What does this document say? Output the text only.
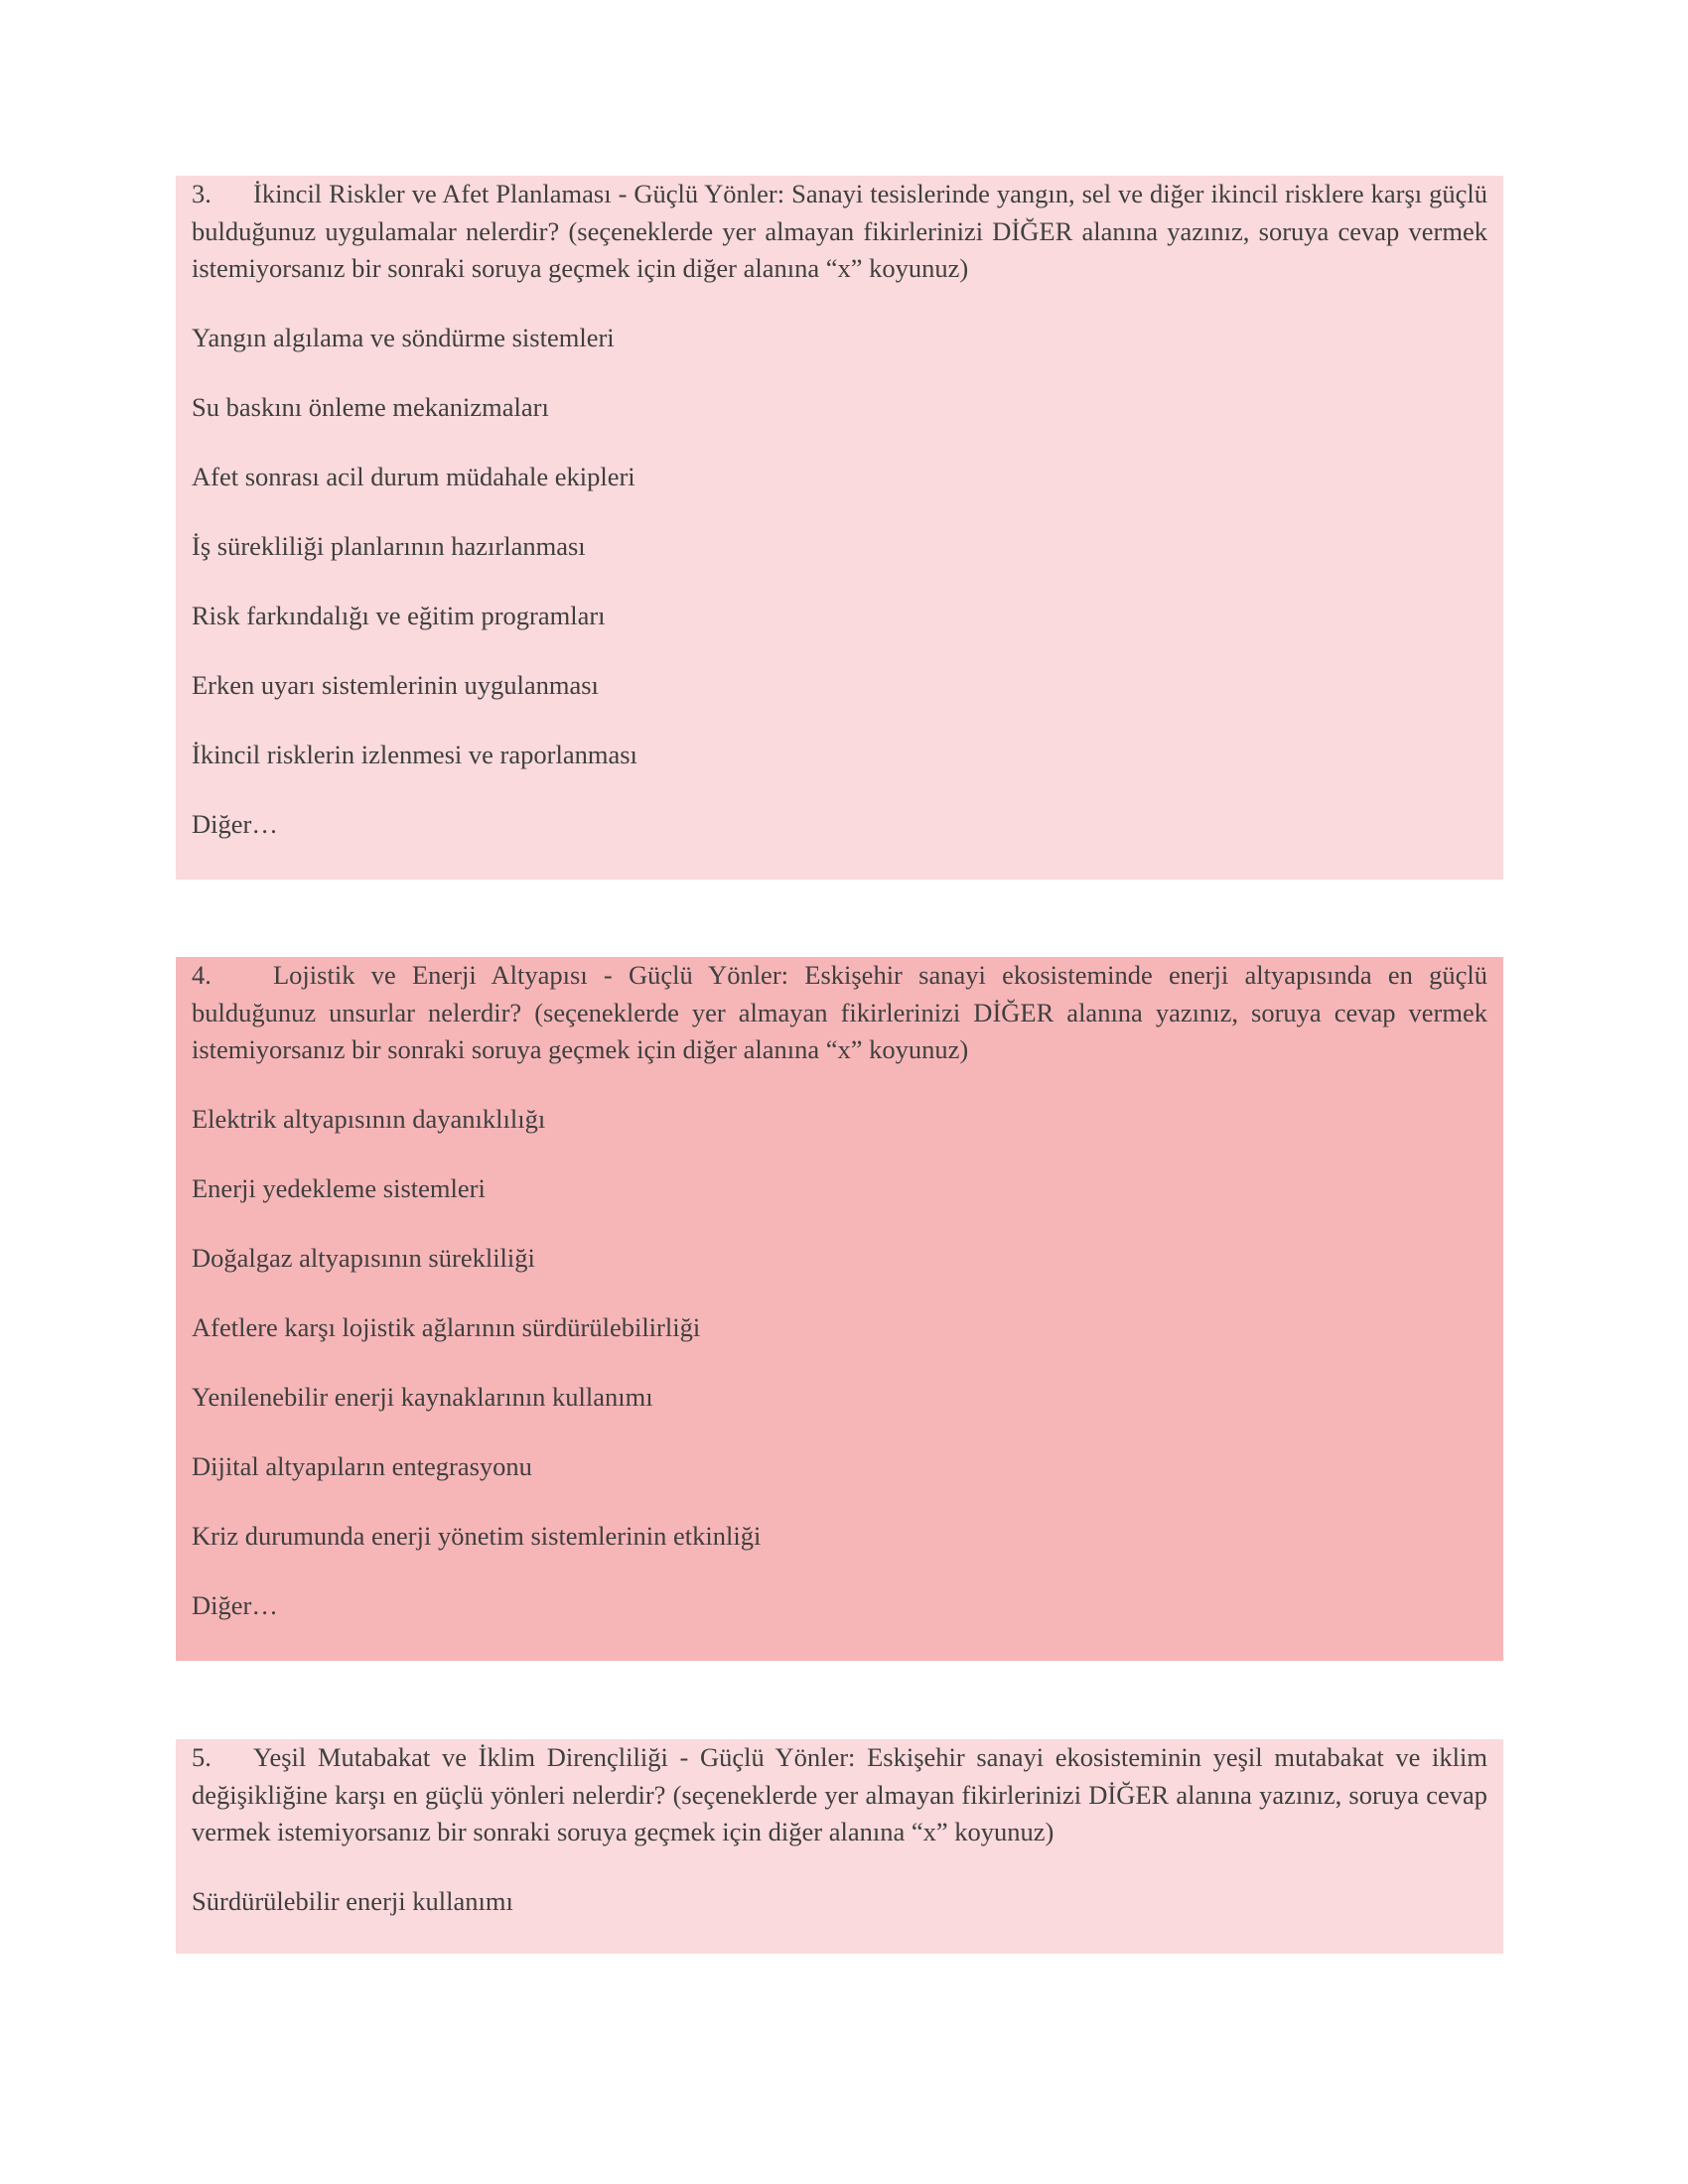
3. İkincil Riskler ve Afet Planlaması - Güçlü Yönler: Sanayi tesislerinde yangın, sel ve diğer ikincil risklere karşı güçlü bulduğunuz uygulamalar nelerdir? (seçeneklerde yer almayan fikirlerinizi DİĞER alanına yazınız, soruya cevap vermek istemiyorsanız bir sonraki soruya geçmek için diğer alanına “x” koyunuz)

Yangın algılama ve söndürme sistemleri
Su baskını önleme mekanizmaları
Afet sonrası acil durum müdahale ekipleri
İş sürekliliği planlarının hazırlanması
Risk farkındalığı ve eğitim programları
Erken uyarı sistemlerinin uygulanması
İkincil risklerin izlenmesi ve raporlanması
Diğer…

4. Lojistik ve Enerji Altyapısı - Güçlü Yönler: Eskişehir sanayi ekosisteminde enerji altyapısında en güçlü bulduğunuz unsurlar nelerdir? (seçeneklerde yer almayan fikirlerinizi DİĞER alanına yazınız, soruya cevap vermek istemiyorsanız bir sonraki soruya geçmek için diğer alanına “x” koyunuz)

Elektrik altyapısının dayanıklılığı
Enerji yedekleme sistemleri
Doğalgaz altyapısının sürekliliği
Afetlere karşı lojistik ağlarının sürdürülebilirliği
Yenilenebilir enerji kaynaklarının kullanımı
Dijital altyapıların entegrasyonu
Kriz durumunda enerji yönetim sistemlerinin etkinliği
Diğer…

5. Yeşil Mutabakat ve İklim Dirençliliği - Güçlü Yönler: Eskişehir sanayi ekosisteminin yeşil mutabakat ve iklim değişikliğine karşı en güçlü yönleri nelerdir? (seçeneklerde yer almayan fikirlerinizi DİĞER alanına yazınız, soruya cevap vermek istemiyorsanız bir sonraki soruya geçmek için diğer alanına “x” koyunuz)

Sürdürülebilir enerji kullanımı
